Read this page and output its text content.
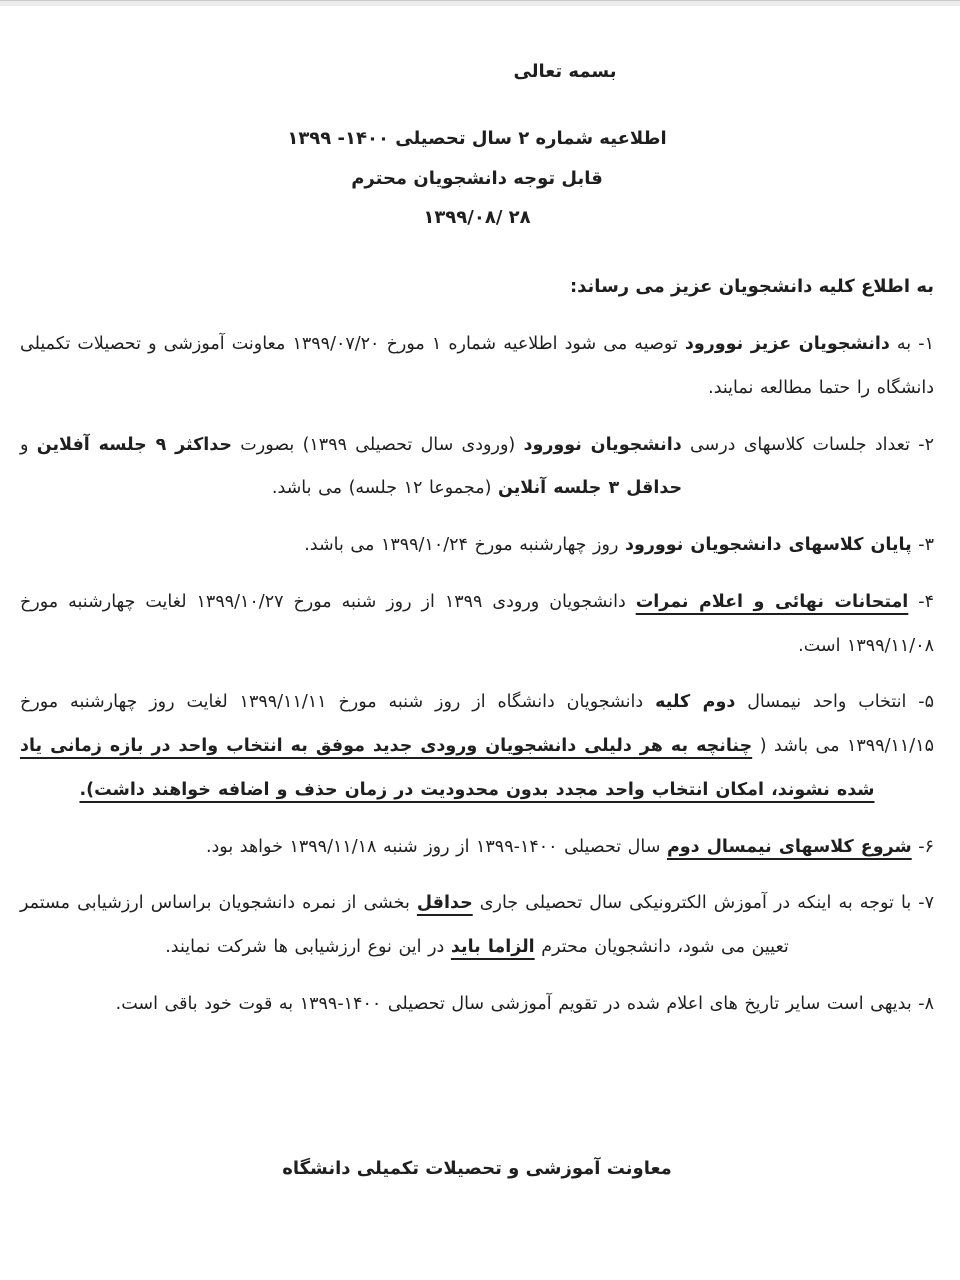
بسمه تعالی
اطلاعیه شماره ۲ سال تحصیلی ۱۴۰۰- ۱۳۹۹
قابل توجه دانشجویان محترم
۲۸ /۱۳۹۹/۰۸
به اطلاع کلیه دانشجویان عزیز می رساند:

۱- به دانشجویان عزیز نوورود توصیه می شود اطلاعیه شماره ۱ مورخ ۱۳۹۹/۰۷/۲۰ معاونت آموزشی و تحصیلات تکمیلی دانشگاه را حتما مطالعه نمایند.

۲- تعداد جلسات کلاسهای درسی دانشجویان نوورود (ورودی سال تحصیلی ۱۳۹۹) بصورت حداکثر ۹ جلسه آفلاین و حداقل ۳ جلسه آنلاین (مجموعا ۱۲ جلسه) می باشد.

۳- پایان کلاسهای دانشجویان نوورود روز چهارشنبه مورخ ۱۳۹۹/۱۰/۲۴ می باشد.

۴- امتحانات نهائی و اعلام نمرات دانشجویان ورودی ۱۳۹۹ از روز شنبه مورخ ۱۳۹۹/۱۰/۲۷ لغایت چهارشنبه مورخ ۱۳۹۹/۱۱/۰۸ است.

۵- انتخاب واحد نیمسال دوم کلیه دانشجویان دانشگاه از روز شنبه مورخ ۱۳۹۹/۱۱/۱۱ لغایت روز چهارشنبه مورخ ۱۳۹۹/۱۱/۱۵ می باشد ( چنانچه به هر دلیلی دانشجویان ورودی جدید موفق به انتخاب واحد در بازه زمانی یاد شده نشوند، امکان انتخاب واحد مجدد بدون محدودیت در زمان حذف و اضافه خواهند داشت).

۶- شروع کلاسهای نیمسال دوم سال تحصیلی ۱۴۰۰-۱۳۹۹ از روز شنبه ۱۳۹۹/۱۱/۱۸ خواهد بود.

۷- با توجه به اینکه در آموزش الکترونیکی سال تحصیلی جاری حداقل بخشی از نمره دانشجویان براساس ارزشیابی مستمر تعیین می شود، دانشجویان محترم الزاما باید در این نوع ارزشیابی ها شرکت نمایند.

۸- بدیهی است سایر تاریخ های اعلام شده در تقویم آموزشی سال تحصیلی ۱۴۰۰-۱۳۹۹ به قوت خود باقی است.

معاونت آموزشی و تحصیلات تکمیلی دانشگاه
